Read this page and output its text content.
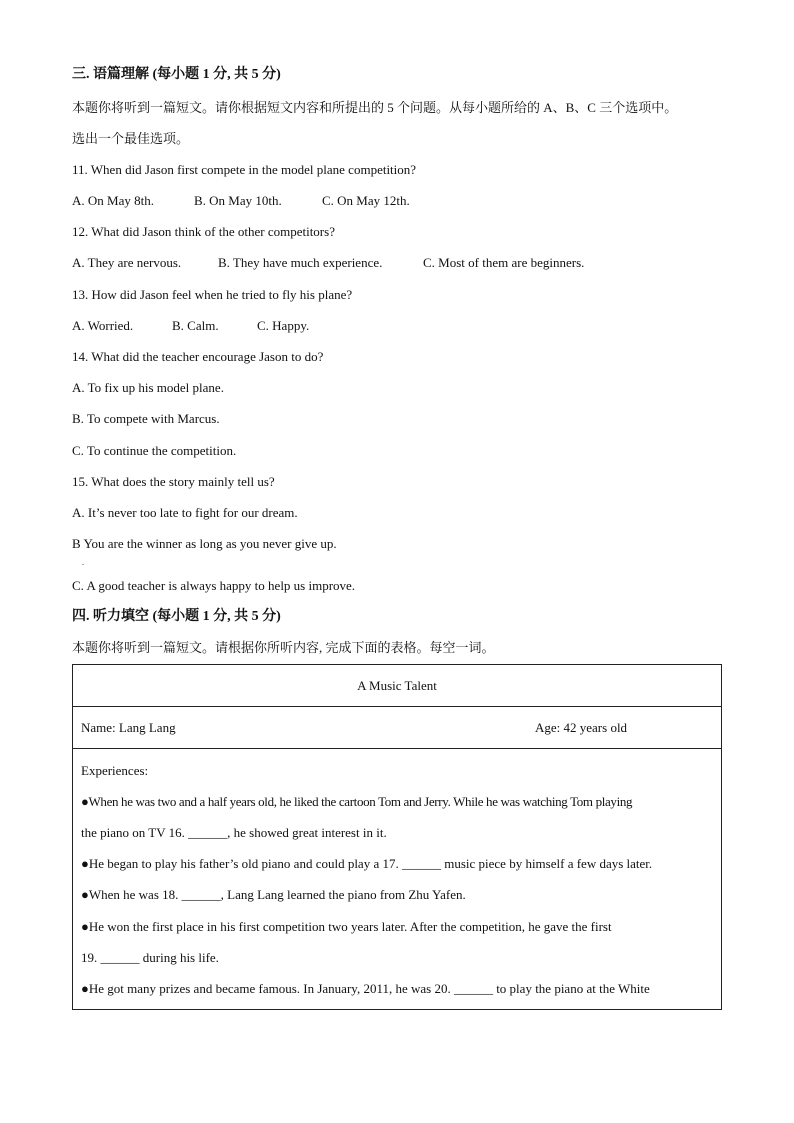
三. 语篇理解 (每小题 1 分, 共 5 分)
本题你将听到一篇短文。请你根据短文内容和所提出的 5 个问题。从每小题所给的 A、B、C 三个选项中。
选出一个最佳选项。
11. When did Jason first compete in the model plane competition?
A. On May 8th.	B. On May 10th.	C. On May 12th.
12. What did Jason think of the other competitors?
A. They are nervous.	B. They have much experience.	C. Most of them are beginners.
13. How did Jason feel when he tried to fly his plane?
A. Worried.	B. Calm.	C. Happy.
14. What did the teacher encourage Jason to do?
A. To fix up his model plane.
B. To compete with Marcus.
C. To continue the competition.
15. What does the story mainly tell us?
A. It’s never too late to fight for our dream.
B You are the winner as long as you never give up.
.
C. A good teacher is always happy to help us improve.
四. 听力填空 (每小题 1 分, 共 5 分)
本题你将听到一篇短文。请根据你所听内容, 完成下面的表格。每空一词。
A Music Talent

Name: Lang Lang	Age: 42 years old

Experiences:
●When he was two and a half years old, he liked the cartoon Tom and Jerry. While he was watching Tom playing
the piano on TV 16. ______, he showed great interest in it.
●He began to play his father’s old piano and could play a 17. ______ music piece by himself a few days later.
●When he was 18. ______, Lang Lang learned the piano from Zhu Yafen.
●He won the first place in his first competition two years later. After the competition, he gave the first
19. ______ during his life.
●He got many prizes and became famous. In January, 2011, he was 20. ______ to play the piano at the White
